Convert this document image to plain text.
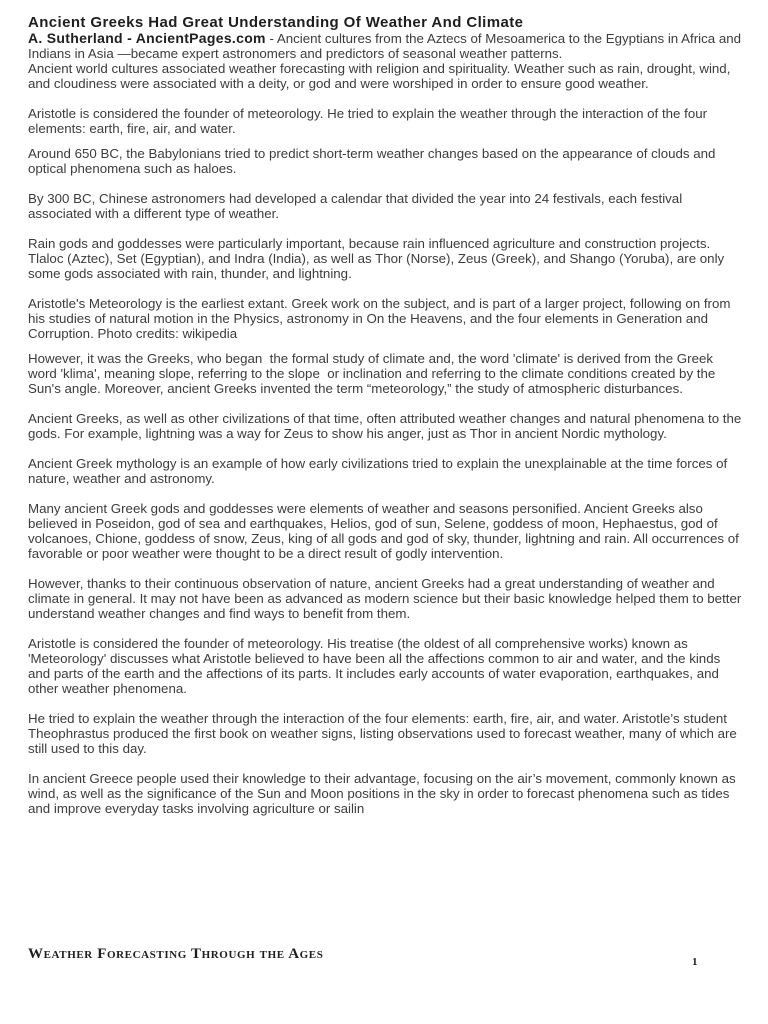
Ancient Greeks Had Great Understanding Of Weather And Climate

A. Sutherland - AncientPages.com - Ancient cultures from the Aztecs of Mesoamerica to the Egyptians in Africa and Indians in Asia —became expert astronomers and predictors of seasonal weather patterns.

Ancient world cultures associated weather forecasting with religion and spirituality. Weather such as rain, drought, wind, and cloudiness were associated with a deity, or god and were worshiped in order to ensure good weather.

Aristotle is considered the founder of meteorology. He tried to explain the weather through the interaction of the four elements: earth, fire, air, and water.

Around 650 BC, the Babylonians tried to predict short-term weather changes based on the appearance of clouds and optical phenomena such as haloes.

By 300 BC, Chinese astronomers had developed a calendar that divided the year into 24 festivals, each festival associated with a different type of weather.

Rain gods and goddesses were particularly important, because rain influenced agriculture and construction projects. Tlaloc (Aztec), Set (Egyptian), and Indra (India), as well as Thor (Norse), Zeus (Greek), and Shango (Yoruba), are only some gods associated with rain, thunder, and lightning.

Aristotle's Meteorology is the earliest extant. Greek work on the subject, and is part of a larger project, following on from his studies of natural motion in the Physics, astronomy in On the Heavens, and the four elements in Generation and Corruption. Photo credits: wikipedia

However, it was the Greeks, who began  the formal study of climate and, the word 'climate' is derived from the Greek word 'klima', meaning slope, referring to the slope  or inclination and referring to the climate conditions created by the Sun's angle. Moreover, ancient Greeks invented the term “meteorology,” the study of atmospheric disturbances.

Ancient Greeks, as well as other civilizations of that time, often attributed weather changes and natural phenomena to the gods. For example, lightning was a way for Zeus to show his anger, just as Thor in ancient Nordic mythology.

Ancient Greek mythology is an example of how early civilizations tried to explain the unexplainable at the time forces of nature, weather and astronomy.

Many ancient Greek gods and goddesses were elements of weather and seasons personified. Ancient Greeks also believed in Poseidon, god of sea and earthquakes, Helios, god of sun, Selene, goddess of moon, Hephaestus, god of volcanoes, Chione, goddess of snow, Zeus, king of all gods and god of sky, thunder, lightning and rain. All occurrences of favorable or poor weather were thought to be a direct result of godly intervention.

However, thanks to their continuous observation of nature, ancient Greeks had a great understanding of weather and climate in general. It may not have been as advanced as modern science but their basic knowledge helped them to better understand weather changes and find ways to benefit from them.

Aristotle is considered the founder of meteorology. His treatise (the oldest of all comprehensive works) known as 'Meteorology' discusses what Aristotle believed to have been all the affections common to air and water, and the kinds and parts of the earth and the affections of its parts. It includes early accounts of water evaporation, earthquakes, and other weather phenomena.

He tried to explain the weather through the interaction of the four elements: earth, fire, air, and water. Aristotle’s student Theophrastus produced the first book on weather signs, listing observations used to forecast weather, many of which are still used to this day.

In ancient Greece people used their knowledge to their advantage, focusing on the air’s movement, commonly known as wind, as well as the significance of the Sun and Moon positions in the sky in order to forecast phenomena such as tides and improve everyday tasks involving agriculture or sailin

Weather Forecasting Through the Ages	1
